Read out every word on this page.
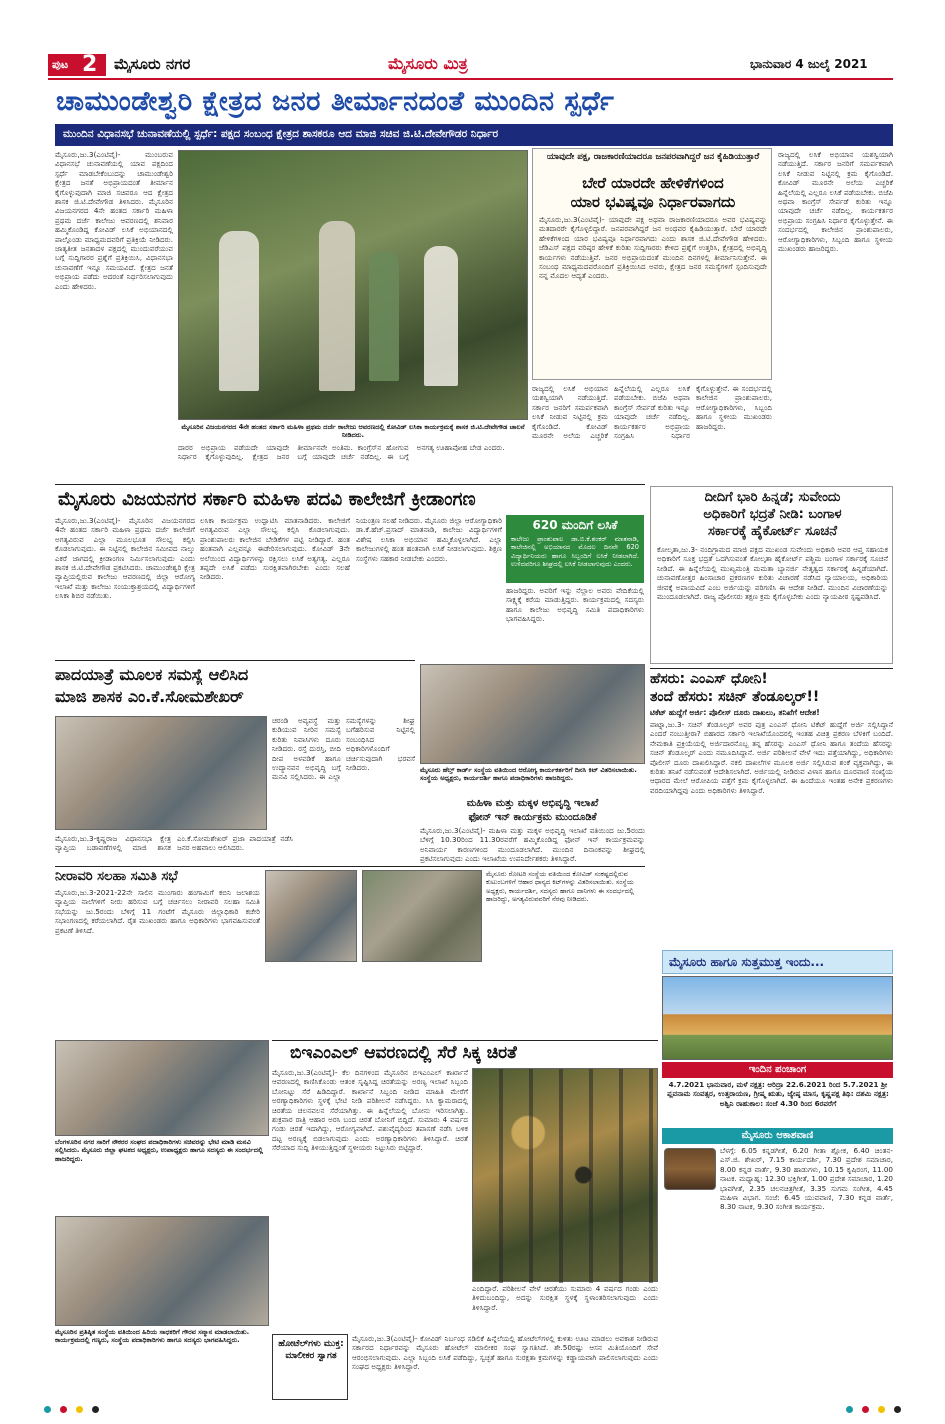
ಪುಟ 2 ಮೈಸೂರು ನಗರ	ಮೈಸೂರು ಮಿತ್ರ	ಭಾನುವಾರ 4 ಜುಲೈ 2021
ಚಾಮುಂಡೇಶ್ವರಿ ಕ್ಷೇತ್ರದ ಜನರ ತೀರ್ಮಾನದಂತೆ ಮುಂದಿನ ಸ್ಪರ್ಧೆ
ಮುಂದಿನ ವಿಧಾನಸಭೆ ಚುನಾವಣೆಯಲ್ಲಿ ಸ್ಪರ್ಧೆ: ಪಕ್ಷದ ಸಂಬಂಧ ಕ್ಷೇತ್ರದ ಶಾಸಕರೂ ಆದ ಮಾಜಿ ಸಚಿವ ಜಿ.ಟಿ.ದೇವೇಗೌಡರ ನಿರ್ಧಾರ
ಮೈಸೂರು,ಜು.3(ಎಂಟಿವೈ)- ಮುಂಬರುವ ವಿಧಾನಸಭೆ ಚುನಾವಣೆಯಲ್ಲಿ ಯಾವ ಪಕ್ಷದಿಂದ ಸ್ಪರ್ಧೆ ಮಾಡಬೇಕೆಂಬುದನ್ನು ಚಾಮುಂಡೇಶ್ವರಿ ಕ್ಷೇತ್ರದ ಜನತೆ ಅಭಿಪ್ರಾಯದಂತೆ ತೀರ್ಮಾನ ಕೈಗೊಳ್ಳುವುದಾಗಿ ಮಾಜಿ ಸಚಿವರೂ ಆದ ಕ್ಷೇತ್ರದ ಶಾಸಕ ಜಿ.ಟಿ.ದೇವೇಗೌಡ ತಿಳಿಸಿದರು. ಮೈಸೂರಿನ ವಿಜಯನಗರದ 4ನೇ ಹಂತದ ಸರ್ಕಾರಿ ಮಹಿಳಾ ಪ್ರಥಮ ದರ್ಜೆ ಕಾಲೇಜು ಆವರಣದಲ್ಲಿ ಶನಿವಾರ ಹಮ್ಮಿಕೊಂಡಿದ್ದ ಕೋವಿಡ್ ಲಸಿಕೆ ಅಭಿಯಾನದಲ್ಲಿ ಪಾಲ್ಗೊಂಡು ಮಾಧ್ಯಮದವರಿಗೆ ಪ್ರತಿಕ್ರಿಯೆ ನೀಡಿದರು. ಜಾತ್ಯತೀತ ಜನತಾದಳ ಪಕ್ಷದಲ್ಲಿ ಮುಂದುವರೆಯುವ ಬಗ್ಗೆ ಸುದ್ದಿಗಾರರ ಪ್ರಶ್ನೆಗೆ ಪ್ರತಿಕ್ರಿಯಿಸಿ, ವಿಧಾನಸಭಾ ಚುನಾವಣೆಗೆ ಇನ್ನೂ ಸಮಯವಿದೆ. ಕ್ಷೇತ್ರದ ಜನತೆ ಅಭಿಪ್ರಾಯ ಪಡೆದು ಅದರಂತೆ ನಿರ್ಧರಿಸಲಾಗುವುದು ಎಂದು ಹೇಳಿದರು.
ಮೈಸೂರಿನ ವಿಜಯನಗರದ 4ನೇ ಹಂತದ ಸರ್ಕಾರಿ ಮಹಿಳಾ ಪ್ರಥಮ ದರ್ಜೆ ಕಾಲೇಜು ಆವರಣದಲ್ಲಿ ಕೋವಿಡ್ ಲಸಿಕಾ ಕಾರ್ಯಕ್ರಮಕ್ಕೆ ಶಾಸಕ ಜಿ.ಟಿ.ದೇವೇಗೌಡ ಚಾಲನೆ ನೀಡಿದರು.
ದಾರರ ಅಭಿಪ್ರಾಯ ಪಡೆಯದೇ ಯಾವುದೇ ನಿರ್ಧಾರ ಕೈಗೊಳ್ಳುವುದಿಲ್ಲ. ಕ್ಷೇತ್ರದ ಜನರ ತೀರ್ಮಾನವೇ ಅಂತಿಮ. ಕಾಂಗ್ರೆಸ್‌ನ ಹೋಗುವ ಬಗ್ಗೆ ಯಾವುದೇ ಚರ್ಚೆ ನಡೆದಿಲ್ಲ. ಈ ಬಗ್ಗೆ ಅನಗತ್ಯ ಊಹಾಪೋಹ ಬೇಡ ಎಂದರು.
ಯಾವುದೇ ಪಕ್ಷ, ರಾಜಕಾರಣಿಯಾದರೂ ಜನಪರವಾಗಿದ್ದರೆ ಜನ ಕೈಹಿಡಿಯುತ್ತಾರೆ
ಬೇರೆ ಯಾರದೇ ಹೇಳಿಕೆಗಳಿಂದ
ಯಾರ ಭವಿಷ್ಯವೂ ನಿರ್ಧಾರವಾಗದು
ಮೈಸೂರು,ಜು.3(ಎಂಟಿವೈ)- ಯಾವುದೇ ಪಕ್ಷ ಅಥವಾ ರಾಜಕಾರಣಿಯಾದರೂ ಅವರ ಭವಿಷ್ಯವನ್ನು ಮತದಾರರೇ ಕೈಗೊಳ್ಳಲಿದ್ದಾರೆ. ಜನಪರವಾಗಿದ್ದರೆ ಜನ ಅಂಥವರ ಕೈಹಿಡಿಯುತ್ತಾರೆ. ಬೇರೆ ಯಾರದೇ ಹೇಳಿಕೆಗಳಿಂದ ಯಾರ ಭವಿಷ್ಯವೂ ನಿರ್ಧಾರವಾಗದು ಎಂದು ಶಾಸಕ ಜಿ.ಟಿ.ದೇವೇಗೌಡ ಹೇಳಿದರು. ಜೆಡಿಎಸ್ ಪಕ್ಷದ ವರಿಷ್ಠರ ಹೇಳಿಕೆ ಕುರಿತು ಸುದ್ದಿಗಾರರು ಕೇಳಿದ ಪ್ರಶ್ನೆಗೆ ಉತ್ತರಿಸಿ, ಕ್ಷೇತ್ರದಲ್ಲಿ ಅಭಿವೃದ್ಧಿ ಕಾರ್ಯಗಳು ನಡೆಯುತ್ತಿವೆ. ಜನರ ಅಭಿಪ್ರಾಯದಂತೆ ಮುಂದಿನ ದಿನಗಳಲ್ಲಿ ತೀರ್ಮಾನಿಸುತ್ತೇನೆ. ಈ ಸಂಬಂಧ ಮಾಧ್ಯಮದವರೊಂದಿಗೆ ಪ್ರತಿಕ್ರಿಯಿಸಿದ ಅವರು, ಕ್ಷೇತ್ರದ ಜನರ ಸಮಸ್ಯೆಗಳಿಗೆ ಸ್ಪಂದಿಸುವುದೇ ನನ್ನ ಮೊದಲ ಆದ್ಯತೆ ಎಂದರು.
ರಾಜ್ಯದಲ್ಲಿ ಲಸಿಕೆ ಅಭಿಯಾನ ಯಶಸ್ವಿಯಾಗಿ ನಡೆಯುತ್ತಿದೆ. ಸರ್ಕಾರ ಜನರಿಗೆ ಸಮರ್ಪಕವಾಗಿ ಲಸಿಕೆ ನೀಡುವ ನಿಟ್ಟಿನಲ್ಲಿ ಕ್ರಮ ಕೈಗೊಂಡಿದೆ. ಕೋವಿಡ್ ಮೂರನೇ ಅಲೆಯ ಎಚ್ಚರಿಕೆ ಹಿನ್ನೆಲೆಯಲ್ಲಿ ಎಲ್ಲರೂ ಲಸಿಕೆ ಪಡೆಯಬೇಕು. ಬಿಜೆಪಿ ಅಥವಾ ಕಾಂಗ್ರೆಸ್ ಸೇರ್ಪಡೆ ಕುರಿತು ಇನ್ನೂ ಯಾವುದೇ ಚರ್ಚೆ ನಡೆದಿಲ್ಲ. ಕಾರ್ಯಕರ್ತರ ಅಭಿಪ್ರಾಯ ಸಂಗ್ರಹಿಸಿ ನಿರ್ಧಾರ ಕೈಗೊಳ್ಳುತ್ತೇನೆ. ಈ ಸಂದರ್ಭದಲ್ಲಿ ಕಾಲೇಜಿನ ಪ್ರಾಂಶುಪಾಲರು, ಆರೋಗ್ಯಾಧಿಕಾರಿಗಳು, ಸಿಬ್ಬಂದಿ ಹಾಗೂ ಸ್ಥಳೀಯ ಮುಖಂಡರು ಹಾಜರಿದ್ದರು.
ರಾಜ್ಯದಲ್ಲಿ ಲಸಿಕೆ ಅಭಿಯಾನ ಯಶಸ್ವಿಯಾಗಿ ನಡೆಯುತ್ತಿದೆ. ಸರ್ಕಾರ ಜನರಿಗೆ ಸಮರ್ಪಕವಾಗಿ ಲಸಿಕೆ ನೀಡುವ ನಿಟ್ಟಿನಲ್ಲಿ ಕ್ರಮ ಕೈಗೊಂಡಿದೆ. ಕೋವಿಡ್ ಮೂರನೇ ಅಲೆಯ ಎಚ್ಚರಿಕೆ ಹಿನ್ನೆಲೆಯಲ್ಲಿ ಎಲ್ಲರೂ ಲಸಿಕೆ ಪಡೆಯಬೇಕು. ಬಿಜೆಪಿ ಅಥವಾ ಕಾಂಗ್ರೆಸ್ ಸೇರ್ಪಡೆ ಕುರಿತು ಇನ್ನೂ ಯಾವುದೇ ಚರ್ಚೆ ನಡೆದಿಲ್ಲ. ಕಾರ್ಯಕರ್ತರ ಅಭಿಪ್ರಾಯ ಸಂಗ್ರಹಿಸಿ ನಿರ್ಧಾರ ಕೈಗೊಳ್ಳುತ್ತೇನೆ. ಈ ಸಂದರ್ಭದಲ್ಲಿ ಕಾಲೇಜಿನ ಪ್ರಾಂಶುಪಾಲರು, ಆರೋಗ್ಯಾಧಿಕಾರಿಗಳು, ಸಿಬ್ಬಂದಿ ಹಾಗೂ ಸ್ಥಳೀಯ ಮುಖಂಡರು ಹಾಜರಿದ್ದರು.
ಮೈಸೂರು ವಿಜಯನಗರ ಸರ್ಕಾರಿ ಮಹಿಳಾ ಪದವಿ ಕಾಲೇಜಿಗೆ ಕ್ರೀಡಾಂಗಣ
ಮೈಸೂರು,ಜು.3(ಎಂಟಿವೈ)- ಮೈಸೂರಿನ ವಿಜಯನಗರದ 4ನೇ ಹಂತದ ಸರ್ಕಾರಿ ಮಹಿಳಾ ಪ್ರಥಮ ದರ್ಜೆ ಕಾಲೇಜಿಗೆ ಅಗತ್ಯವಿರುವ ಎಲ್ಲಾ ಮೂಲಭೂತ ಸೌಲಭ್ಯ ಕಲ್ಪಿಸಿ ಕೊಡಲಾಗುವುದು. ಈ ನಿಟ್ಟಿನಲ್ಲಿ ಕಾಲೇಜಿನ ಸಮೀಪದ ನಾಲ್ಕು ಎಕರೆ ಜಾಗದಲ್ಲಿ ಕ್ರೀಡಾಂಗಣ ನಿರ್ಮಿಸಲಾಗುವುದು ಎಂದು ಶಾಸಕ ಜಿ.ಟಿ.ದೇವೇಗೌಡ ಪ್ರಕಟಿಸಿದರು. ಚಾಮುಂಡೇಶ್ವರಿ ಕ್ಷೇತ್ರ ವ್ಯಾಪ್ತಿಯಲ್ಲಿರುವ ಕಾಲೇಜು ಆವರಣದಲ್ಲಿ ಜಿಲ್ಲಾ ಆರೋಗ್ಯ ಇಲಾಖೆ ಮತ್ತು ಕಾಲೇಜು ಸಂಯುಕ್ತಾಶ್ರಯದಲ್ಲಿ ವಿದ್ಯಾರ್ಥಿಗಳಿಗೆ ಲಸಿಕಾ ಶಿಬಿರ ನಡೆಯಿತು.
ಲಸಿಕಾ ಕಾರ್ಯಕ್ರಮ ಉದ್ಘಾಟಿಸಿ ಮಾತನಾಡಿದರು. ಕಾಲೇಜಿಗೆ ಅಗತ್ಯವಿರುವ ಎಲ್ಲಾ ಸೌಲಭ್ಯ ಕಲ್ಪಿಸಿ ಕೊಡಲಾಗುವುದು. ಪ್ರಾಂಶುಪಾಲರು ಕಾಲೇಜಿನ ಬೇಡಿಕೆಗಳ ಪಟ್ಟಿ ನೀಡಿದ್ದಾರೆ. ಹಂತ ಹಂತವಾಗಿ ಎಲ್ಲವನ್ನೂ ಈಡೇರಿಸಲಾಗುವುದು. ಕೋವಿಡ್ 3ನೇ ಅಲೆಯಿಂದ ವಿದ್ಯಾರ್ಥಿಗಳನ್ನು ರಕ್ಷಿಸಲು ಲಸಿಕೆ ಅತ್ಯಗತ್ಯ. ಎಲ್ಲರೂ ತಪ್ಪದೇ ಲಸಿಕೆ ಪಡೆದು ಸುರಕ್ಷಿತವಾಗಿರಬೇಕು ಎಂದು ಸಲಹೆ ನೀಡಿದರು.
ನಿಯಂತ್ರಣ ಸಲಹೆ ನೀಡಿದರು. ಮೈಸೂರು ಜಿಲ್ಲಾ ಆರೋಗ್ಯಾಧಿಕಾರಿ ಡಾ.ಕೆ.ಹೆಚ್.ಪ್ರಸಾದ್ ಮಾತನಾಡಿ, ಕಾಲೇಜು ವಿದ್ಯಾರ್ಥಿಗಳಿಗೆ ವಿಶೇಷ ಲಸಿಕಾ ಅಭಿಯಾನ ಹಮ್ಮಿಕೊಳ್ಳಲಾಗಿದೆ. ಎಲ್ಲಾ ಕಾಲೇಜುಗಳಲ್ಲಿ ಹಂತ ಹಂತವಾಗಿ ಲಸಿಕೆ ನೀಡಲಾಗುವುದು. ಶಿಕ್ಷಣ ಸಂಸ್ಥೆಗಳು ಸಹಕಾರ ನೀಡಬೇಕು ಎಂದರು.
620 ಮಂದಿಗೆ ಲಸಿಕೆ
ಕಾಲೇಜು ಪ್ರಾಂಶುಪಾಲ ಡಾ.ಬಿ.ಕೆ.ಶಂಕರ್ ಮಾತನಾಡಿ, ಕಾಲೇಜಿನಲ್ಲಿ ಅಭಿಯಾನದ ಮೊದಲ ದಿನವೇ 620 ವಿದ್ಯಾರ್ಥಿನಿಯರು ಹಾಗೂ ಸಿಬ್ಬಂದಿಗೆ ಲಸಿಕೆ ನೀಡಲಾಗಿದೆ. ಉಳಿದವರಿಗೂ ಶೀಘ್ರದಲ್ಲಿ ಲಸಿಕೆ ನೀಡಲಾಗುವುದು ಎಂದರು.
ಹಾಜರಿದ್ದರು. ಅವರಿಗೆ ಇನ್ನು ನೆಲ್ಲಾಲ ಅವರು ವೇದಿಕೆಯಲ್ಲಿ ಸಾಕ್ಷ್ಯಕ್ಕೆ ಕರೆಯ ಮಾಡುತ್ತಿದ್ದರು. ಕಾರ್ಯಕ್ರಮದಲ್ಲಿ ಸದಸ್ಯರು ಹಾಗೂ ಕಾಲೇಜು ಅಭಿವೃದ್ಧಿ ಸಮಿತಿ ಪದಾಧಿಕಾರಿಗಳು ಭಾಗವಹಿಸಿದ್ದರು.
ದೀದಿಗೆ ಭಾರಿ ಹಿನ್ನಡೆ; ಸುವೇಂದು
ಅಧಿಕಾರಿಗೆ ಭದ್ರತೆ ನೀಡಿ: ಬಂಗಾಳ
ಸರ್ಕಾರಕ್ಕೆ ಹೈಕೋರ್ಟ್ ಸೂಚನೆ
ಕೋಲ್ಕತಾ,ಜು.3- ನಂದಿಗ್ರಾಮದ ಮಾಜಿ ಪಕ್ಷದ ಮುಖಂಡ ಸುವೇಂದು ಅಧಿಕಾರಿ ಅವರ ಆಪ್ತ ಸಹಾಯಕ ಅಧಿಕಾರಿಗೆ ಸೂಕ್ತ ಭದ್ರತೆ ಒದಗಿಸುವಂತೆ ಕೋಲ್ಕತಾ ಹೈಕೋರ್ಟ್ ಪಶ್ಚಿಮ ಬಂಗಾಳ ಸರ್ಕಾರಕ್ಕೆ ಸೂಚನೆ ನೀಡಿದೆ. ಈ ಹಿನ್ನೆಲೆಯಲ್ಲಿ ಮುಖ್ಯಮಂತ್ರಿ ಮಮತಾ ಬ್ಯಾನರ್ಜಿ ನೇತೃತ್ವದ ಸರ್ಕಾರಕ್ಕೆ ಹಿನ್ನಡೆಯಾಗಿದೆ. ಚುನಾವಣೋತ್ತರ ಹಿಂಸಾಚಾರ ಪ್ರಕರಣಗಳ ಕುರಿತು ವಿಚಾರಣೆ ನಡೆಸಿದ ನ್ಯಾಯಾಲಯ, ಅಧಿಕಾರಿಯ ಜೀವಕ್ಕೆ ಅಪಾಯವಿದೆ ಎಂಬ ಅರ್ಜಿಯನ್ನು ಪರಿಗಣಿಸಿ ಈ ಆದೇಶ ನೀಡಿದೆ. ಮುಂದಿನ ವಿಚಾರಣೆಯನ್ನು ಮುಂದೂಡಲಾಗಿದೆ. ರಾಜ್ಯ ಪೊಲೀಸರು ತಕ್ಷಣ ಕ್ರಮ ಕೈಗೊಳ್ಳಬೇಕು ಎಂದು ನ್ಯಾಯಪೀಠ ಸ್ಪಷ್ಟಪಡಿಸಿದೆ.
ಪಾದಯಾತ್ರೆ ಮೂಲಕ ಸಮಸ್ಯೆ ಆಲಿಸಿದ
ಮಾಜಿ ಶಾಸಕ ಎಂ.ಕೆ.ಸೋಮಶೇಖರ್
ಚರಂಡಿ ಅವ್ಯವಸ್ಥೆ ಮತ್ತು ಕುಡಿಯುವ ನೀರಿನ ಸಮಸ್ಯೆ ಕುರಿತು ನಿವಾಸಿಗಳು ದೂರು ನೀಡಿದರು. ರಸ್ತೆ ದುರಸ್ತಿ, ಬೀದಿ ದೀಪ ಅಳವಡಿಕೆ ಹಾಗೂ ಉದ್ಯಾನವನ ಅಭಿವೃದ್ಧಿ ಬಗ್ಗೆ ಮನವಿ ಸಲ್ಲಿಸಿದರು. ಈ ಎಲ್ಲಾ ಸಮಸ್ಯೆಗಳನ್ನು ಶೀಘ್ರ ಬಗೆಹರಿಸುವ ನಿಟ್ಟಿನಲ್ಲಿ ಸಂಬಂಧಿಸಿದ ಅಧಿಕಾರಿಗಳೊಂದಿಗೆ ಚರ್ಚಿಸುವುದಾಗಿ ಭರವಸೆ ನೀಡಿದರು.
ಮೈಸೂರು,ಜು.3-ಕೃಷ್ಣರಾಜ ವಿಧಾನಸಭಾ ಕ್ಷೇತ್ರ ವ್ಯಾಪ್ತಿಯ ಬಡಾವಣೆಗಳಲ್ಲಿ ಮಾಜಿ ಶಾಸಕ ಎಂ.ಕೆ.ಸೋಮಶೇಖರ್ ಪ್ರಜಾ ಪಾದಯಾತ್ರೆ ನಡೆಸಿ ಜನರ ಅಹವಾಲು ಆಲಿಸಿದರು.
ಮೈಸೂರು ಹೆಲ್ತ್ ಕಾರ್ಡ್ ಸಂಸ್ಥೆಯ ವತಿಯಿಂದ ಆರೋಗ್ಯ ಕಾರ್ಯಕರ್ತರಿಗೆ ದಿನಸಿ ಕಿಟ್ ವಿತರಿಸಲಾಯಿತು. ಸಂಸ್ಥೆಯ ಅಧ್ಯಕ್ಷರು, ಕಾರ್ಯದರ್ಶಿ ಹಾಗೂ ಪದಾಧಿಕಾರಿಗಳು ಹಾಜರಿದ್ದರು.
ಮಹಿಳಾ ಮತ್ತು ಮಕ್ಕಳ ಅಭಿವೃದ್ಧಿ ಇಲಾಖೆ
ಫೋನ್ ಇನ್ ಕಾರ್ಯಕ್ರಮ ಮುಂದೂಡಿಕೆ
ಮೈಸೂರು,ಜು.3(ಎಂಟಿವೈ)- ಮಹಿಳಾ ಮತ್ತು ಮಕ್ಕಳ ಅಭಿವೃದ್ಧಿ ಇಲಾಖೆ ವತಿಯಿಂದ ಜು.5ರಂದು ಬೆಳಿಗ್ಗೆ 10.30ರಿಂದ 11.30ರವರೆಗೆ ಹಮ್ಮಿಕೊಂಡಿದ್ದ ಫೋನ್ ಇನ್ ಕಾರ್ಯಕ್ರಮವನ್ನು ಅನಿವಾರ್ಯ ಕಾರಣಗಳಿಂದ ಮುಂದೂಡಲಾಗಿದೆ. ಮುಂದಿನ ದಿನಾಂಕವನ್ನು ಶೀಘ್ರದಲ್ಲಿ ಪ್ರಕಟಿಸಲಾಗುವುದು ಎಂದು ಇಲಾಖೆಯ ಉಪನಿರ್ದೇಶಕರು ತಿಳಿಸಿದ್ದಾರೆ.
ಹೆಸರು: ಎಂಎಸ್ ಧೋನಿ!
ತಂದೆ ಹೆಸರು: ಸಚಿನ್ ತೆಂಡೂಲ್ಕರ್!!
ಟಿಕೆಟ್ ಹುದ್ದೆಗೆ ಅರ್ಜಿ: ಪೊಲೀಸ್ ದೂರು ದಾಖಲು, ತನಿಖೆಗೆ ಆದೇಶ!
ಪಾಟ್ನಾ,ಜು.3- ಸಚಿನ್ ತೆಂಡೂಲ್ಕರ್ ಅವರ ಪುತ್ರ ಎಂಎಸ್ ಧೋನಿ ಟಿಕೆಟ್ ಹುದ್ದೆಗೆ ಅರ್ಜಿ ಸಲ್ಲಿಸಿದ್ದಾನೆ ಎಂದರೆ ನಂಬುತ್ತೀರಾ? ಬಿಹಾರದ ಸರ್ಕಾರಿ ಇಲಾಖೆಯೊಂದರಲ್ಲಿ ಇಂತಹ ವಿಚಿತ್ರ ಪ್ರಕರಣ ಬೆಳಕಿಗೆ ಬಂದಿದೆ. ನೇಮಕಾತಿ ಪ್ರಕ್ರಿಯೆಯಲ್ಲಿ ಅರ್ಜಿದಾರನೊಬ್ಬ ತನ್ನ ಹೆಸರನ್ನು ಎಂಎಸ್ ಧೋನಿ ಹಾಗೂ ತಂದೆಯ ಹೆಸರನ್ನು ಸಚಿನ್ ತೆಂಡೂಲ್ಕರ್ ಎಂದು ನಮೂದಿಸಿದ್ದಾನೆ. ಅರ್ಜಿ ಪರಿಶೀಲನೆ ವೇಳೆ ಇದು ಪತ್ತೆಯಾಗಿದ್ದು, ಅಧಿಕಾರಿಗಳು ಪೊಲೀಸ್ ದೂರು ದಾಖಲಿಸಿದ್ದಾರೆ. ನಕಲಿ ದಾಖಲೆಗಳ ಮೂಲಕ ಅರ್ಜಿ ಸಲ್ಲಿಸಿರುವ ಶಂಕೆ ವ್ಯಕ್ತವಾಗಿದ್ದು, ಈ ಕುರಿತು ತನಿಖೆ ನಡೆಸುವಂತೆ ಆದೇಶಿಸಲಾಗಿದೆ. ಅರ್ಜಿಯಲ್ಲಿ ನೀಡಿರುವ ವಿಳಾಸ ಹಾಗೂ ದೂರವಾಣಿ ಸಂಖ್ಯೆಯ ಆಧಾರದ ಮೇಲೆ ಆರೋಪಿಯ ಪತ್ತೆಗೆ ಕ್ರಮ ಕೈಗೊಳ್ಳಲಾಗಿದೆ. ಈ ಹಿಂದೆಯೂ ಇಂತಹ ಅನೇಕ ಪ್ರಕರಣಗಳು ವರದಿಯಾಗಿದ್ದವು ಎಂದು ಅಧಿಕಾರಿಗಳು ತಿಳಿಸಿದ್ದಾರೆ.
ನೀರಾವರಿ ಸಲಹಾ ಸಮಿತಿ ಸಭೆ
ಮೈಸೂರು,ಜು.3-2021-22ನೇ ಸಾಲಿನ ಮುಂಗಾರು ಹಂಗಾಮಿಗೆ ಕಬಿನಿ ಜಲಾಶಯ ವ್ಯಾಪ್ತಿಯ ನಾಲೆಗಳಿಗೆ ನೀರು ಹರಿಸುವ ಬಗ್ಗೆ ಚರ್ಚಿಸಲು ನೀರಾವರಿ ಸಲಹಾ ಸಮಿತಿ ಸಭೆಯನ್ನು ಜು.5ರಂದು ಬೆಳಿಗ್ಗೆ 11 ಗಂಟೆಗೆ ಮೈಸೂರು ಜಿಲ್ಲಾಧಿಕಾರಿ ಕಚೇರಿ ಸಭಾಂಗಣದಲ್ಲಿ ಕರೆಯಲಾಗಿದೆ. ರೈತ ಮುಖಂಡರು ಹಾಗೂ ಅಧಿಕಾರಿಗಳು ಭಾಗವಹಿಸುವಂತೆ ಪ್ರಕಟಣೆ ತಿಳಿಸಿದೆ.
ಮೈಸೂರು ರೋಟರಿ ಸಂಸ್ಥೆಯ ವತಿಯಿಂದ ಕೋವಿಡ್ ಸಂಕಷ್ಟದಲ್ಲಿರುವ ಕುಟುಂಬಗಳಿಗೆ ಆಹಾರ ಧಾನ್ಯದ ಕಿಟ್‌ಗಳನ್ನು ವಿತರಿಸಲಾಯಿತು. ಸಂಸ್ಥೆಯ ಅಧ್ಯಕ್ಷರು, ಕಾರ್ಯದರ್ಶಿ, ಸದಸ್ಯರು ಹಾಗೂ ದಾನಿಗಳು ಈ ಸಂದರ್ಭದಲ್ಲಿ ಹಾಜರಿದ್ದು, ಅಗತ್ಯವಿರುವವರಿಗೆ ನೆರವು ನೀಡಿದರು.
ಮೈಸೂರು ಹಾಗೂ ಸುತ್ತಮುತ್ತ ಇಂದು...
ಇಂದಿನ ಪಂಚಾಂಗ
4.7.2021 ಭಾನುವಾರ, ಮಳೆ ನಕ್ಷತ್ರ: ಆರಿದ್ರಾ 22.6.2021 ರಿಂದ 5.7.2021 ಶ್ರೀ ಪ್ಲವನಾಮ ಸಂವತ್ಸರ, ಉತ್ತರಾಯಣ, ಗ್ರೀಷ್ಮ ಋತು, ಜ್ಯೇಷ್ಠ ಮಾಸ, ಕೃಷ್ಣಪಕ್ಷ ತಿಥಿ: ದಶಮಿ ನಕ್ಷತ್ರ: ಅಶ್ವಿನಿ ರಾಹುಕಾಲ: ಸಂಜೆ 4.30 ರಿಂದ 6ರವರೆಗೆ
ಮೈಸೂರು ಆಕಾಶವಾಣಿ
ಬೆಳಗ್ಗೆ: 6.05 ಕನ್ನಡಗೀತೆ, 6.20 ಗೀತಾ ಶ್ಲೋಕ, 6.40 ಚಿಂತನ-ಎಸ್.ಜಿ. ಶೇಖರ್, 7.15 ಕಾರ್ಯದರ್ಶಿ, 7.30 ಪ್ರದೇಶ ಸಮಾಚಾರ, 8.00 ಕನ್ನಡ ವಾರ್ತೆ, 9.30 ಹಾಡುಗಳು, 10.15 ಕೃಷಿರಂಗ, 11.00 ನಾಟಕ. ಮಧ್ಯಾಹ್ನ: 12.30 ಭಕ್ತಿಗೀತೆ, 1.00 ಪ್ರದೇಶ ಸಮಾಚಾರ, 1.20 ಭಾವಗೀತೆ, 2.35 ಚಲನಚಿತ್ರಗೀತೆ, 3.35 ಸುಗಮ ಸಂಗೀತ, 4.45 ಮಹಿಳಾ ವಿಭಾಗ. ಸಂಜೆ: 6.45 ಯುವವಾಣಿ, 7.30 ಕನ್ನಡ ವಾರ್ತೆ, 8.30 ನಾಟಕ, 9.30 ಸಂಗೀತ ಕಾರ್ಯಕ್ರಮ.
ಬೆಂಗಳೂರಿನ ನಗರ ಸಾರಿಗೆ ನೌಕರರ ಸಂಘದ ಪದಾಧಿಕಾರಿಗಳು ಸಚಿವರನ್ನು ಭೇಟಿ ಮಾಡಿ ಮನವಿ ಸಲ್ಲಿಸಿದರು. ಮೈಸೂರು ಜಿಲ್ಲಾ ಘಟಕದ ಅಧ್ಯಕ್ಷರು, ಉಪಾಧ್ಯಕ್ಷರು ಹಾಗೂ ಸದಸ್ಯರು ಈ ಸಂದರ್ಭದಲ್ಲಿ ಹಾಜರಿದ್ದರು.
ಮೈಸೂರಿನ ಪ್ರತಿಷ್ಠಿತ ಸಂಸ್ಥೆಯ ವತಿಯಿಂದ ಹಿರಿಯ ಸಾಧಕರಿಗೆ ಗೌರವ ಸನ್ಮಾನ ಮಾಡಲಾಯಿತು. ಕಾರ್ಯಕ್ರಮದಲ್ಲಿ ಗಣ್ಯರು, ಸಂಸ್ಥೆಯ ಪದಾಧಿಕಾರಿಗಳು ಹಾಗೂ ಸದಸ್ಯರು ಭಾಗವಹಿಸಿದ್ದರು.
ಬಿಇಎಂಎಲ್ ಆವರಣದಲ್ಲಿ ಸೆರೆ ಸಿಕ್ಕ ಚಿರತೆ
ಮೈಸೂರು,ಜು.3(ಎಂಟಿವೈ)- ಕೆಲ ದಿನಗಳಿಂದ ಮೈಸೂರಿನ ಬಿಇಎಂಎಲ್ ಕಾರ್ಖಾನೆ ಆವರಣದಲ್ಲಿ ಕಾಣಿಸಿಕೊಂಡು ಆತಂಕ ಸೃಷ್ಟಿಸಿದ್ದ ಚಿರತೆಯನ್ನು ಅರಣ್ಯ ಇಲಾಖೆ ಸಿಬ್ಬಂದಿ ಬೋನಿಟ್ಟು ಸೆರೆ ಹಿಡಿದಿದ್ದಾರೆ. ಕಾರ್ಖಾನೆ ಸಿಬ್ಬಂದಿ ನೀಡಿದ ಮಾಹಿತಿ ಮೇರೆಗೆ ಅರಣ್ಯಾಧಿಕಾರಿಗಳು ಸ್ಥಳಕ್ಕೆ ಭೇಟಿ ನೀಡಿ ಪರಿಶೀಲನೆ ನಡೆಸಿದ್ದರು. ಸಿಸಿ ಕ್ಯಾಮರಾದಲ್ಲಿ ಚಿರತೆಯ ಚಲನವಲನ ಸೆರೆಯಾಗಿತ್ತು. ಈ ಹಿನ್ನೆಲೆಯಲ್ಲಿ ಬೋನು ಇರಿಸಲಾಗಿತ್ತು. ಶುಕ್ರವಾರ ರಾತ್ರಿ ಆಹಾರ ಅರಸಿ ಬಂದ ಚಿರತೆ ಬೋನಿಗೆ ಬಿದ್ದಿದೆ. ಸುಮಾರು 4 ವರ್ಷದ ಗಂಡು ಚಿರತೆ ಇದಾಗಿದ್ದು, ಆರೋಗ್ಯವಾಗಿದೆ. ಪಶುವೈದ್ಯರಿಂದ ತಪಾಸಣೆ ನಡೆಸಿ ಬಳಿಕ ದಟ್ಟ ಅರಣ್ಯಕ್ಕೆ ಬಿಡಲಾಗುವುದು ಎಂದು ಅರಣ್ಯಾಧಿಕಾರಿಗಳು ತಿಳಿಸಿದ್ದಾರೆ. ಚಿರತೆ ಸೆರೆಯಾದ ಸುದ್ದಿ ತಿಳಿಯುತ್ತಿದ್ದಂತೆ ಸ್ಥಳೀಯರು ನಿಟ್ಟುಸಿರು ಬಿಟ್ಟಿದ್ದಾರೆ.
ಎಂದಿದ್ದಾರೆ. ಪರಿಶೀಲನೆ ವೇಳೆ ಚಿರತೆಯು ಸುಮಾರು 4 ವರ್ಷದ ಗಂಡು ಎಂದು ತಿಳಿದುಬಂದಿದ್ದು, ಅದನ್ನು ಸುರಕ್ಷಿತ ಸ್ಥಳಕ್ಕೆ ಸ್ಥಳಾಂತರಿಸಲಾಗುವುದು ಎಂದು ತಿಳಿಸಿದ್ದಾರೆ.
ಹೋಟೆಲ್‌ಗಳು ಮುಕ್ತ: ಮಾಲೀಕರ ಸ್ವಾಗತ
ಮೈಸೂರು,ಜು.3(ಎಂಟಿವೈ)- ಕೋವಿಡ್ ನಿರ್ಬಂಧ ಸಡಿಲಿಕೆ ಹಿನ್ನೆಲೆಯಲ್ಲಿ ಹೋಟೆಲ್‌ಗಳಲ್ಲಿ ಕುಳಿತು ಊಟ ಮಾಡಲು ಅವಕಾಶ ನೀಡಿರುವ ಸರ್ಕಾರದ ನಿರ್ಧಾರವನ್ನು ಮೈಸೂರು ಹೋಟೆಲ್ ಮಾಲೀಕರ ಸಂಘ ಸ್ವಾಗತಿಸಿದೆ. ಶೇ.50ರಷ್ಟು ಆಸನ ಮಿತಿಯೊಂದಿಗೆ ಸೇವೆ ಆರಂಭಿಸಲಾಗುವುದು. ಎಲ್ಲಾ ಸಿಬ್ಬಂದಿ ಲಸಿಕೆ ಪಡೆದಿದ್ದು, ಸ್ವಚ್ಛತೆ ಹಾಗೂ ಸುರಕ್ಷತಾ ಕ್ರಮಗಳನ್ನು ಕಡ್ಡಾಯವಾಗಿ ಪಾಲಿಸಲಾಗುವುದು ಎಂದು ಸಂಘದ ಅಧ್ಯಕ್ಷರು ತಿಳಿಸಿದ್ದಾರೆ.
